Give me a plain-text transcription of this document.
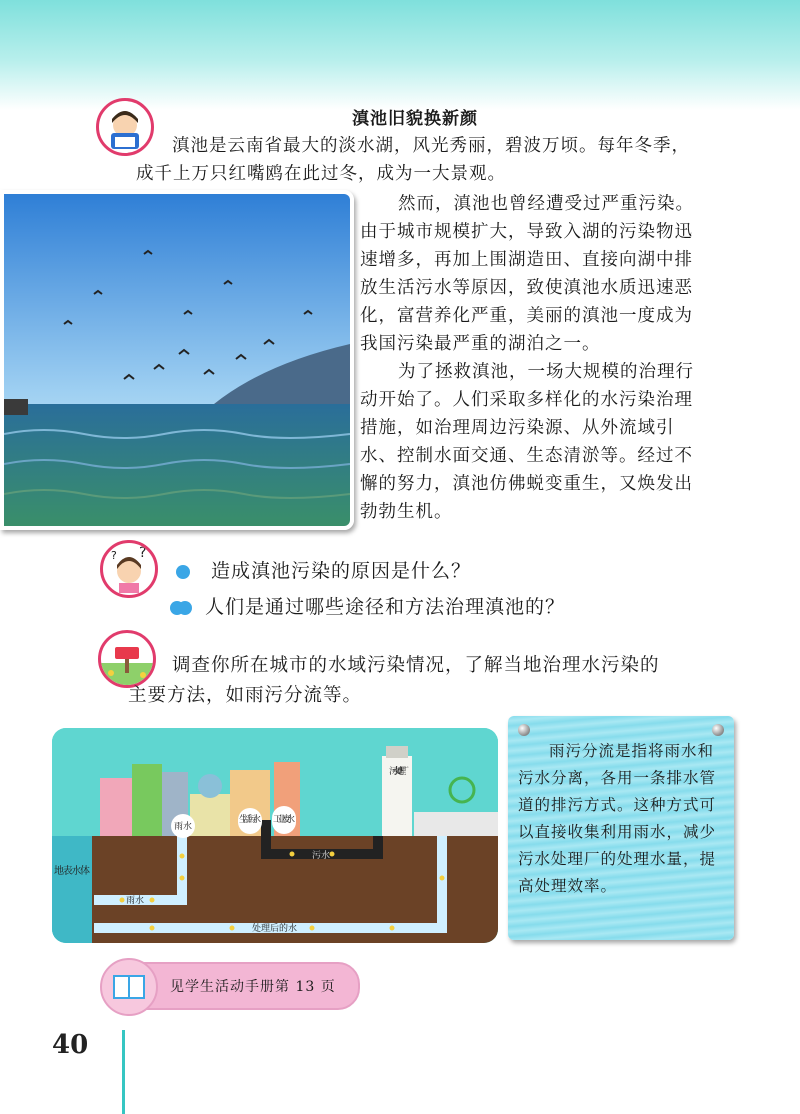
滇池旧貌换新颜

滇池是云南省最大的淡水湖，风光秀丽，碧波万顷。每年冬季，

成千上万只红嘴鸥在此过冬，成为一大景观。

然而，滇池也曾经遭受过严重污染。

由于城市规模扩大，导致入湖的污染物迅

速增多，再加上围湖造田、直接向湖中排

放生活污水等原因，致使滇池水质迅速恶

化，富营养化严重，美丽的滇池一度成为

我国污染最严重的湖泊之一。

为了拯救滇池，一场大规模的治理行

动开始了。人们采取多样化的水污染治理

措施，如治理周边污染源、从外流域引

水、控制水面交通、生态清淤等。经过不

懈的努力，滇池仿佛蜕变重生，又焕发出

勃勃生机。

?
?
造成滇池污染的原因是什么？
人们是通过哪些途径和方法治理滇池的？

调查你所在城市的水域污染情况，了解当地治理水污染的

主要方法，如雨污分流等。

雨水
生活污水 工业废水
污水处理厂
地表水体
雨水
污水
处理后的水

雨污分流是指将雨水和污水分离，各用一条排水管道的排污方式。这种方式可以直接收集利用雨水，减少污水处理厂的处理水量，提高处理效率。

见学生活动手册第 13 页
40
